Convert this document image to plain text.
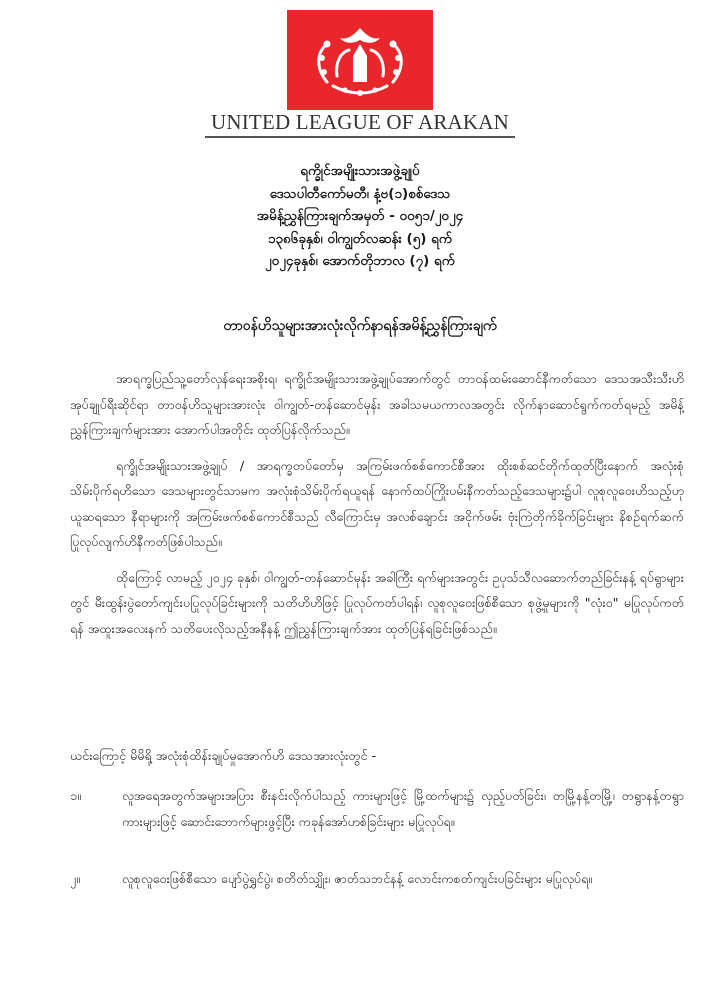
UNITED LEAGUE OF ARAKAN
ရက္ခိုင်အမျိုးသားအဖွဲ့ချုပ်
ဒေသပါတီကော်မတီ၊ နံ့ဗ(၁)စစ်ဒေသ
အမိန့်ညွှန်ကြားချက်အမှတ် - ၀၀၅၁/၂၀၂၄
၁၃၈၆ခုနှစ်၊ ဝါကျွတ်လဆန်း (၅) ရက်
၂၀၂၄ခုနှစ်၊ အောက်တိုဘာလ (၇) ရက်
တာဝန်ဟိသူများအားလုံးလိုက်နာရန်အမိန့်ညွှန်ကြားချက်

အာရက္ခပြည်သူ့တော်လှန်ရေးအစိုးရ၊ ရက္ခိုင်အမျိုးသားအဖွဲ့ချုပ်အောက်တွင် တာဝန်ထမ်းဆောင်နီကတ်သော ဒေသအသီးသီးဟိ အုပ်ချုပ်ရီးဆိုင်ရာ တာဝန်ဟိသူများအားလုံး ဝါကျွတ်-တန်ဆောင်မုန်း အခါသမယကာလအတွင်း လိုက်နာဆောင်ရွက်ကတ်ရမည့် အမိန့်ညွှန်ကြားချက်များအား အောက်ပါအတိုင်း ထုတ်ပြန်လိုက်သည်။

ရက္ခိုင်အမျိုးသားအဖွဲ့ချုပ် / အာရက္ခတပ်တော်မှ အကြမ်းဖက်စစ်ကောင်စီအား ထိုးစစ်ဆင်တိုက်ထုတ်ပြီးနောက် အလုံးစုံသိမ်းပိုက်ရဟိသော ဒေသများတွင်သာမက အလုံးစုံသိမ်းပိုက်ရယူရန် နောက်ထပ်ကြိုးပမ်းနီကတ်သည့်ဒေသများ၌ပါ လူစုလူဝေးဟိသည့်ဟုယူဆရသော နီရာများကို အကြမ်းဖက်စစ်ကောင်စီသည် လီကြောင်းမှ အလစ်ချောင်း အငိုက်ဖမ်း ဗုံးကြဲတိုက်ခိုက်ခြင်းများ နိစဉ်ရက်ဆက်ပြုလုပ်လျက်ဟိနီကတ်ဖြစ်ပါသည်။

ထိုကြောင့် လာမည့် ၂၀၂၄ ခုနှစ်၊ ဝါကျွတ်-တန်ဆောင်မုန်း အခါကြီး ရက်များအတွင်း ဥပုသ်သီလဆောက်တည်ခြင်းနန့် ရပ်ရွာများတွင် မီးထွန်းပွဲတော်ကျင်းပပြုလုပ်ခြင်းများကို သတိဟိဟိဖြင့် ပြုလုပ်ကတ်ပါရန်၊ လူစုလူဝေးဖြစ်စီသော စုဖွဲ့မှုများကို "လုံး၀" မပြုလုပ်ကတ်ရန် အထူးအလေးနက် သတိပေးလိုသည့်အနီနန့် ဤညွှန်ကြားချက်အား ထုတ်ပြန်ရခြင်းဖြစ်သည်။

ယင်းကြောင့် မိမိရို့ အလုံးစုံထိန်းချုပ်မှုအောက်ဟိ ဒေသအားလုံးတွင် -
၁။	လူအရေအတွက်အများအပြား စီးနင်းလိုက်ပါသည့် ကားများဖြင့် မြို့ထက်များ၌ လှည့်ပတ်ခြင်း၊ တမြို့နန့်တမြို့၊ တရွာနန့်တရွာ ကားများဖြင့် ဆောင်းဘောက်များဖွင့်ပြီး ကခုန်အော်ဟစ်ခြင်းများ မပြုလုပ်ရ။
၂။	လူစုလူဝေးဖြစ်စီသော ပျော်ပွဲရွှင်ပွဲ၊ စတိတ်သျှိုး၊ ဇာတ်သဘင်နန့် လောင်းကစတ်ကျင်းပခြင်းများ မပြုလုပ်ရ။
